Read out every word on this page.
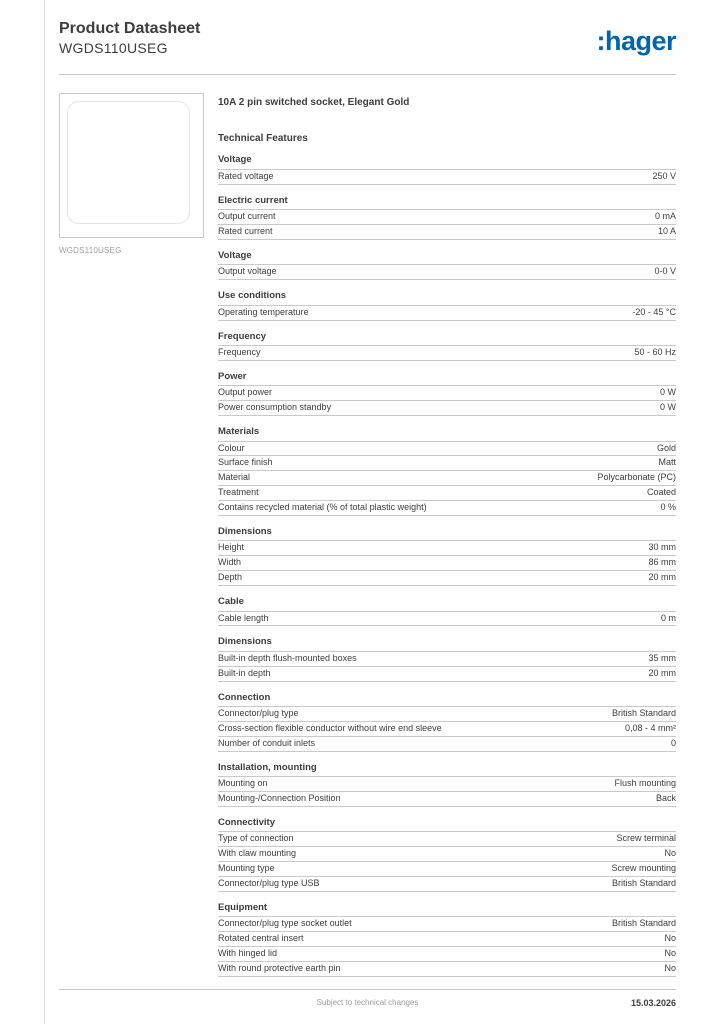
Product Datasheet
WGDS110USEG	:hager
WGDS110USEG
10A 2 pin switched socket, Elegant Gold
Technical Features
Voltage
Rated voltage	250 V
Electric current
Output current	0 mA
Rated current	10 A
Voltage
Output voltage	0-0 V
Use conditions
Operating temperature	-20 - 45 °C
Frequency
Frequency	50 - 60 Hz
Power
Output power	0 W
Power consumption standby	0 W
Materials
Colour	Gold
Surface finish	Matt
Material	Polycarbonate (PC)
Treatment	Coated
Contains recycled material (% of total plastic weight)	0 %
Dimensions
Height	30 mm
Width	86 mm
Depth	20 mm
Cable
Cable length	0 m
Dimensions
Built-in depth flush-mounted boxes	35 mm
Built-in depth	20 mm
Connection
Connector/plug type	British Standard
Cross-section flexible conductor without wire end sleeve	0,08 - 4 mm²
Number of conduit inlets	0
Installation, mounting
Mounting on	Flush mounting
Mounting-/Connection Position	Back
Connectivity
Type of connection	Screw terminal
With claw mounting	No
Mounting type	Screw mounting
Connector/plug type USB	British Standard
Equipment
Connector/plug type socket outlet	British Standard
Rotated central insert	No
With hinged lid	No
With round protective earth pin	No
Subject to technical changes	15.03.2026
